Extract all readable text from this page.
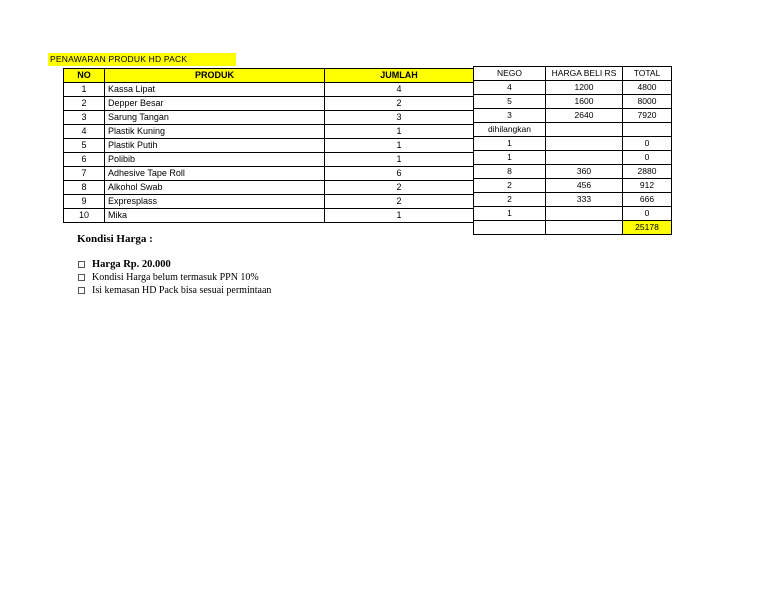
PENAWARAN PRODUK HD PACK
NO	PRODUK	JUMLAH
1	Kassa Lipat	4
2	Depper Besar	2
3	Sarung Tangan	3
4	Plastik Kuning	1
5	Plastik Putih	1
6	Polibib	1
7	Adhesive Tape Roll	6
8	Alkohol Swab	2
9	Expresplass	2
10	Mika	1
NEGO	HARGA BELI RS	TOTAL
4	1200	4800
5	1600	8000
3	2640	7920
dihilangkan		
1		0
1		0
8	360	2880
2	456	912
2	333	666
1		0
		25178
Kondisi Harga :
Harga Rp. 20.000
Kondisi Harga belum termasuk PPN 10%
Isi kemasan HD Pack bisa sesuai permintaan
